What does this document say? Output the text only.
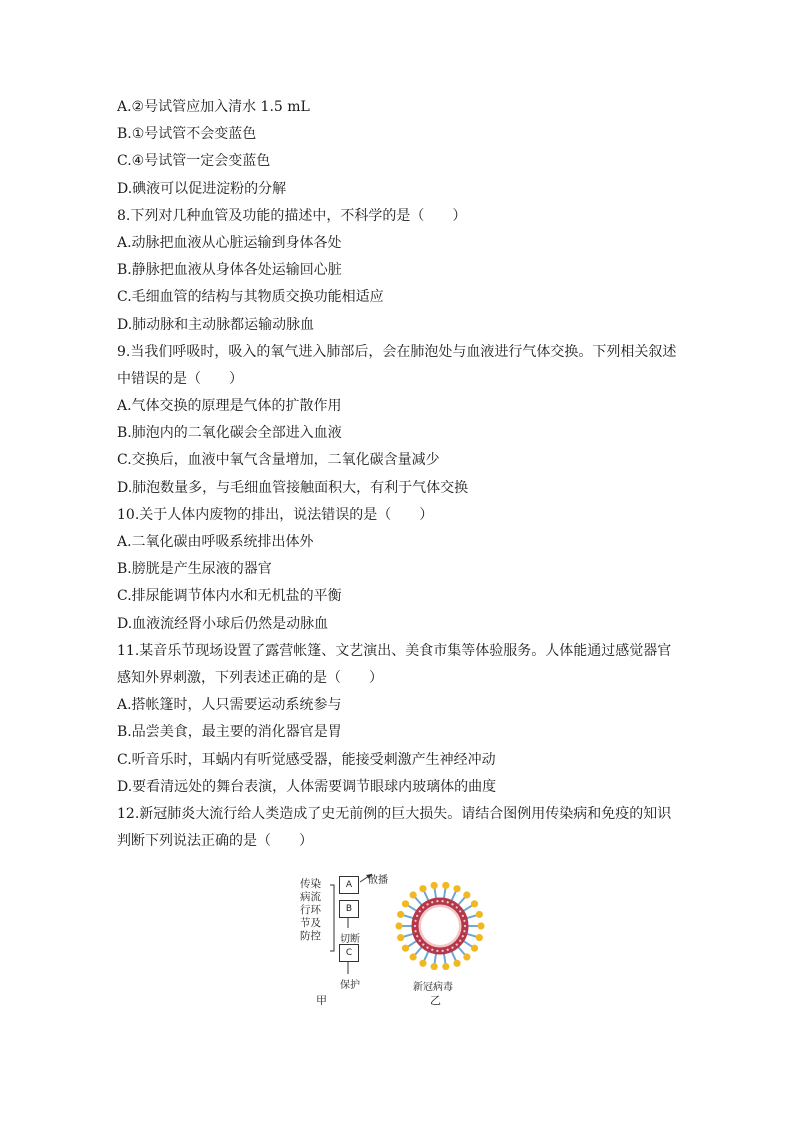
A.②号试管应加入清水 1.5 mL
B.①号试管不会变蓝色
C.④号试管一定会变蓝色
D.碘液可以促进淀粉的分解
8.下列对几种血管及功能的描述中，不科学的是（　　）
A.动脉把血液从心脏运输到身体各处
B.静脉把血液从身体各处运输回心脏
C.毛细血管的结构与其物质交换功能相适应
D.肺动脉和主动脉都运输动脉血
9.当我们呼吸时，吸入的氧气进入肺部后，会在肺泡处与血液进行气体交换。下列相关叙述
中错误的是（　　）
A.气体交换的原理是气体的扩散作用
B.肺泡内的二氧化碳会全部进入血液
C.交换后，血液中氧气含量增加，二氧化碳含量减少
D.肺泡数量多，与毛细血管接触面积大，有利于气体交换
10.关于人体内废物的排出，说法错误的是（　　）
A.二氧化碳由呼吸系统排出体外
B.膀胱是产生尿液的器官
C.排尿能调节体内水和无机盐的平衡
D.血液流经肾小球后仍然是动脉血
11.某音乐节现场设置了露营帐篷、文艺演出、美食市集等体验服务。人体能通过感觉器官
感知外界刺激，下列表述正确的是（　　）
A.搭帐篷时，人只需要运动系统参与
B.品尝美食，最主要的消化器官是胃
C.听音乐时，耳蜗内有听觉感受器，能接受刺激产生神经冲动
D.要看清远处的舞台表演，人体需要调节眼球内玻璃体的曲度
12.新冠肺炎大流行给人类造成了史无前例的巨大损失。请结合图例用传染病和免疫的知识
判断下列说法正确的是（　　）
传染病流行环节及防控
A
B
C
散播
切断
保护
甲
新冠病毒
乙
